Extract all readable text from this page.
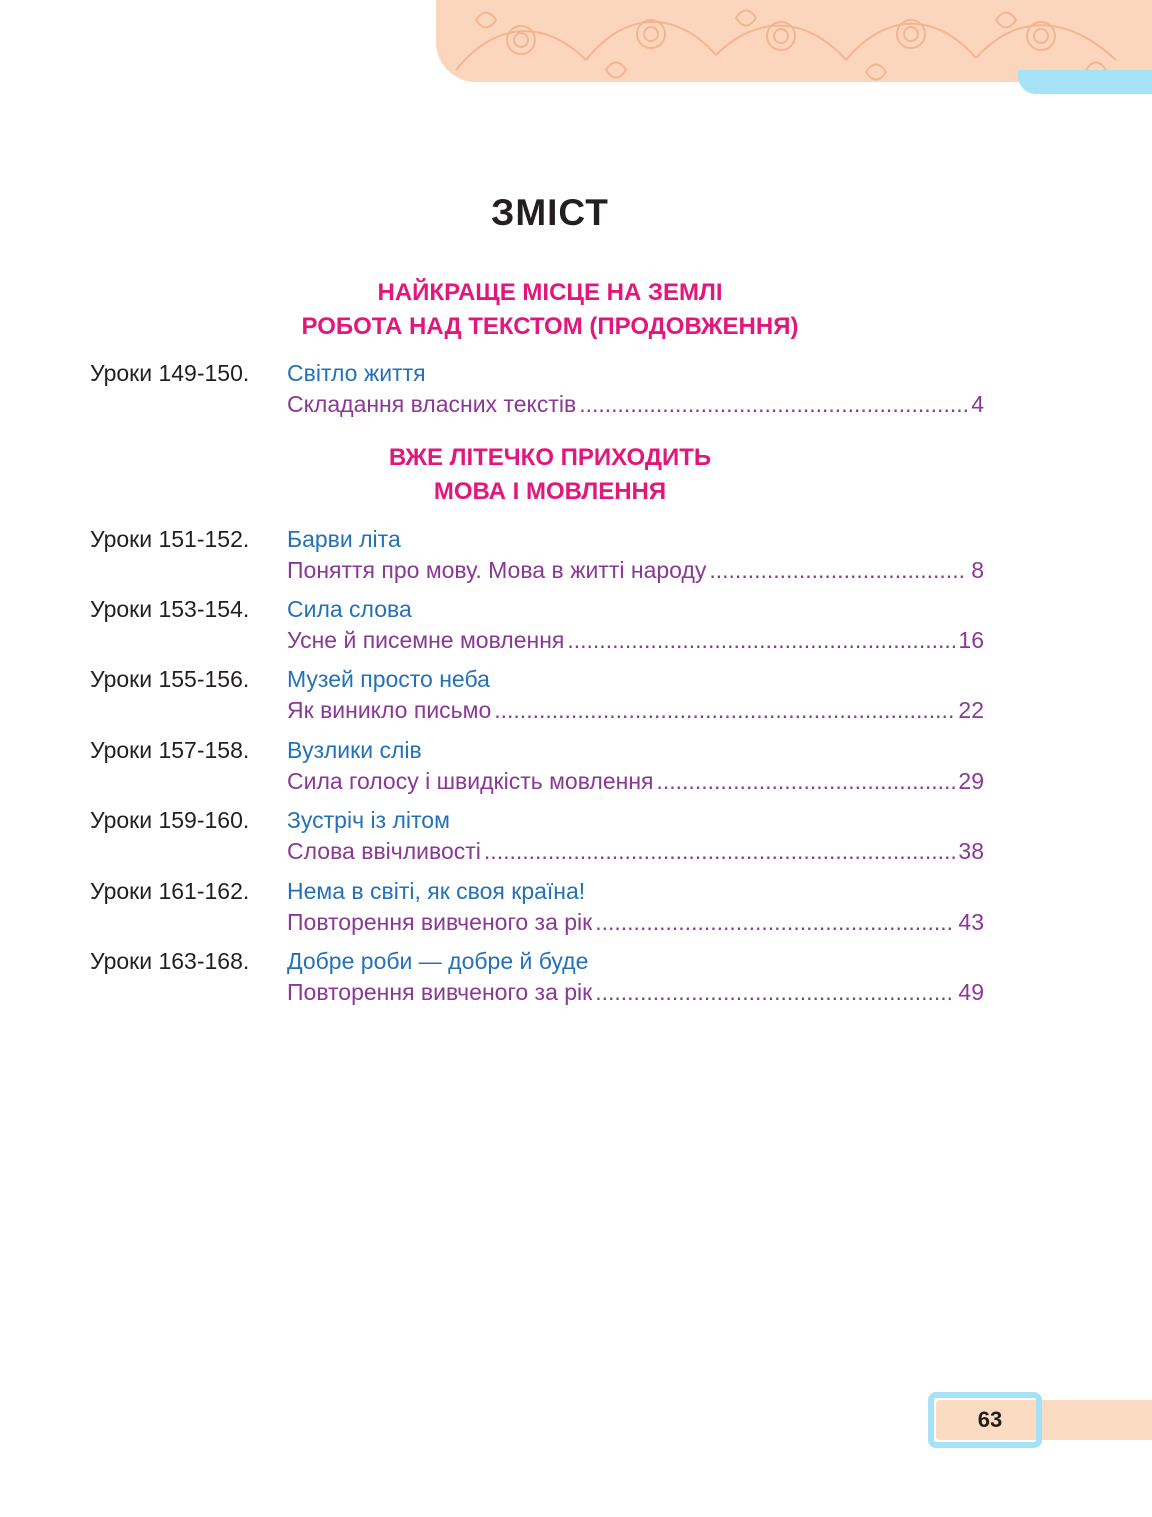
ЗМІСТ
НАЙКРАЩЕ МІСЦЕ НА ЗЕМЛІ
РОБОТА НАД ТЕКСТОМ (ПРОДОВЖЕННЯ)
Уроки 149-150. Світло життя
Складання власних текстів .....	4
ВЖЕ ЛІТЕЧКО ПРИХОДИТЬ
МОВА І МОВЛЕННЯ
Уроки 151-152. Барви літа
Поняття про мову. Мова в житті народу .....	8
Уроки 153-154. Сила слова
Усне й писемне мовлення .....	16
Уроки 155-156. Музей просто неба
Як виникло письмо .....	22
Уроки 157-158. Вузлики слів
Сила голосу і швидкість мовлення .....	29
Уроки 159-160. Зустріч із літом
Слова ввічливості .....	38
Уроки 161-162. Нема в світі, як своя країна!
Повторення вивченого за рік .....	43
Уроки 163-168. Добре роби — добре й буде
Повторення вивченого за рік .....	49
63
